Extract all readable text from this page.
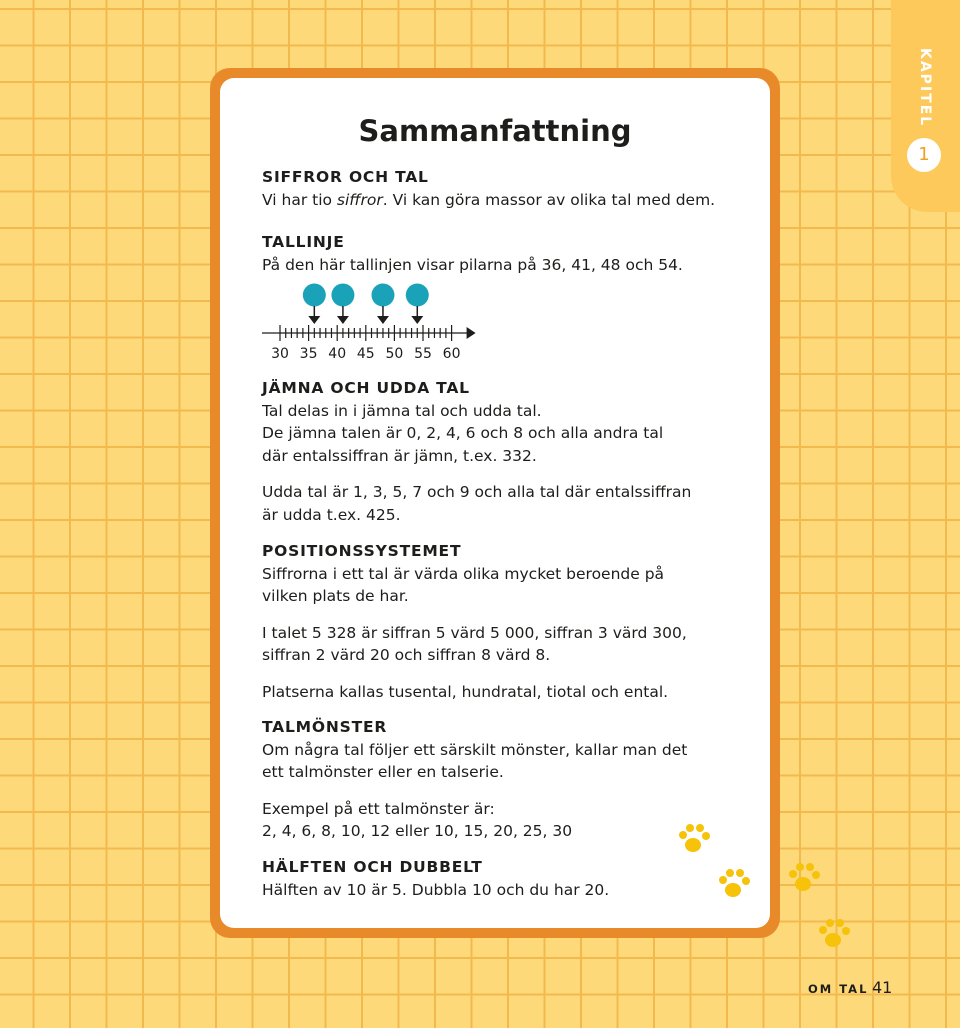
KAPITEL
1
Sammanfattning
SIFFROR OCH TAL

Vi har tio siffror. Vi kan göra massor av olika tal med dem.

TALLINJE

På den här tallinjen visar pilarna på 36, 41, 48 och 54.

30 35 40 45 50 55 60
JÄMNA OCH UDDA TAL

Tal delas in i jämna tal och udda tal.

De jämna talen är 0, 2, 4, 6 och 8 och alla andra tal

där entalssiffran är jämn, t.ex. 332.

Udda tal är 1, 3, 5, 7 och 9 och alla tal där entalssiffran

är udda t.ex. 425.

POSITIONSSYSTEMET

Siffrorna i ett tal är värda olika mycket beroende på

vilken plats de har.

I talet 5 328 är siffran 5 värd 5 000, siffran 3 värd 300,

siffran 2 värd 20 och siffran 8 värd 8.

Platserna kallas tusental, hundratal, tiotal och ental.

TALMÖNSTER

Om några tal följer ett särskilt mönster, kallar man det

ett talmönster eller en talserie.

Exempel på ett talmönster är:

2, 4, 6, 8, 10, 12 eller 10, 15, 20, 25, 30

HÄLFTEN OCH DUBBELT

Hälften av 10 är 5. Dubbla 10 och du har 20.

OM TAL 41
